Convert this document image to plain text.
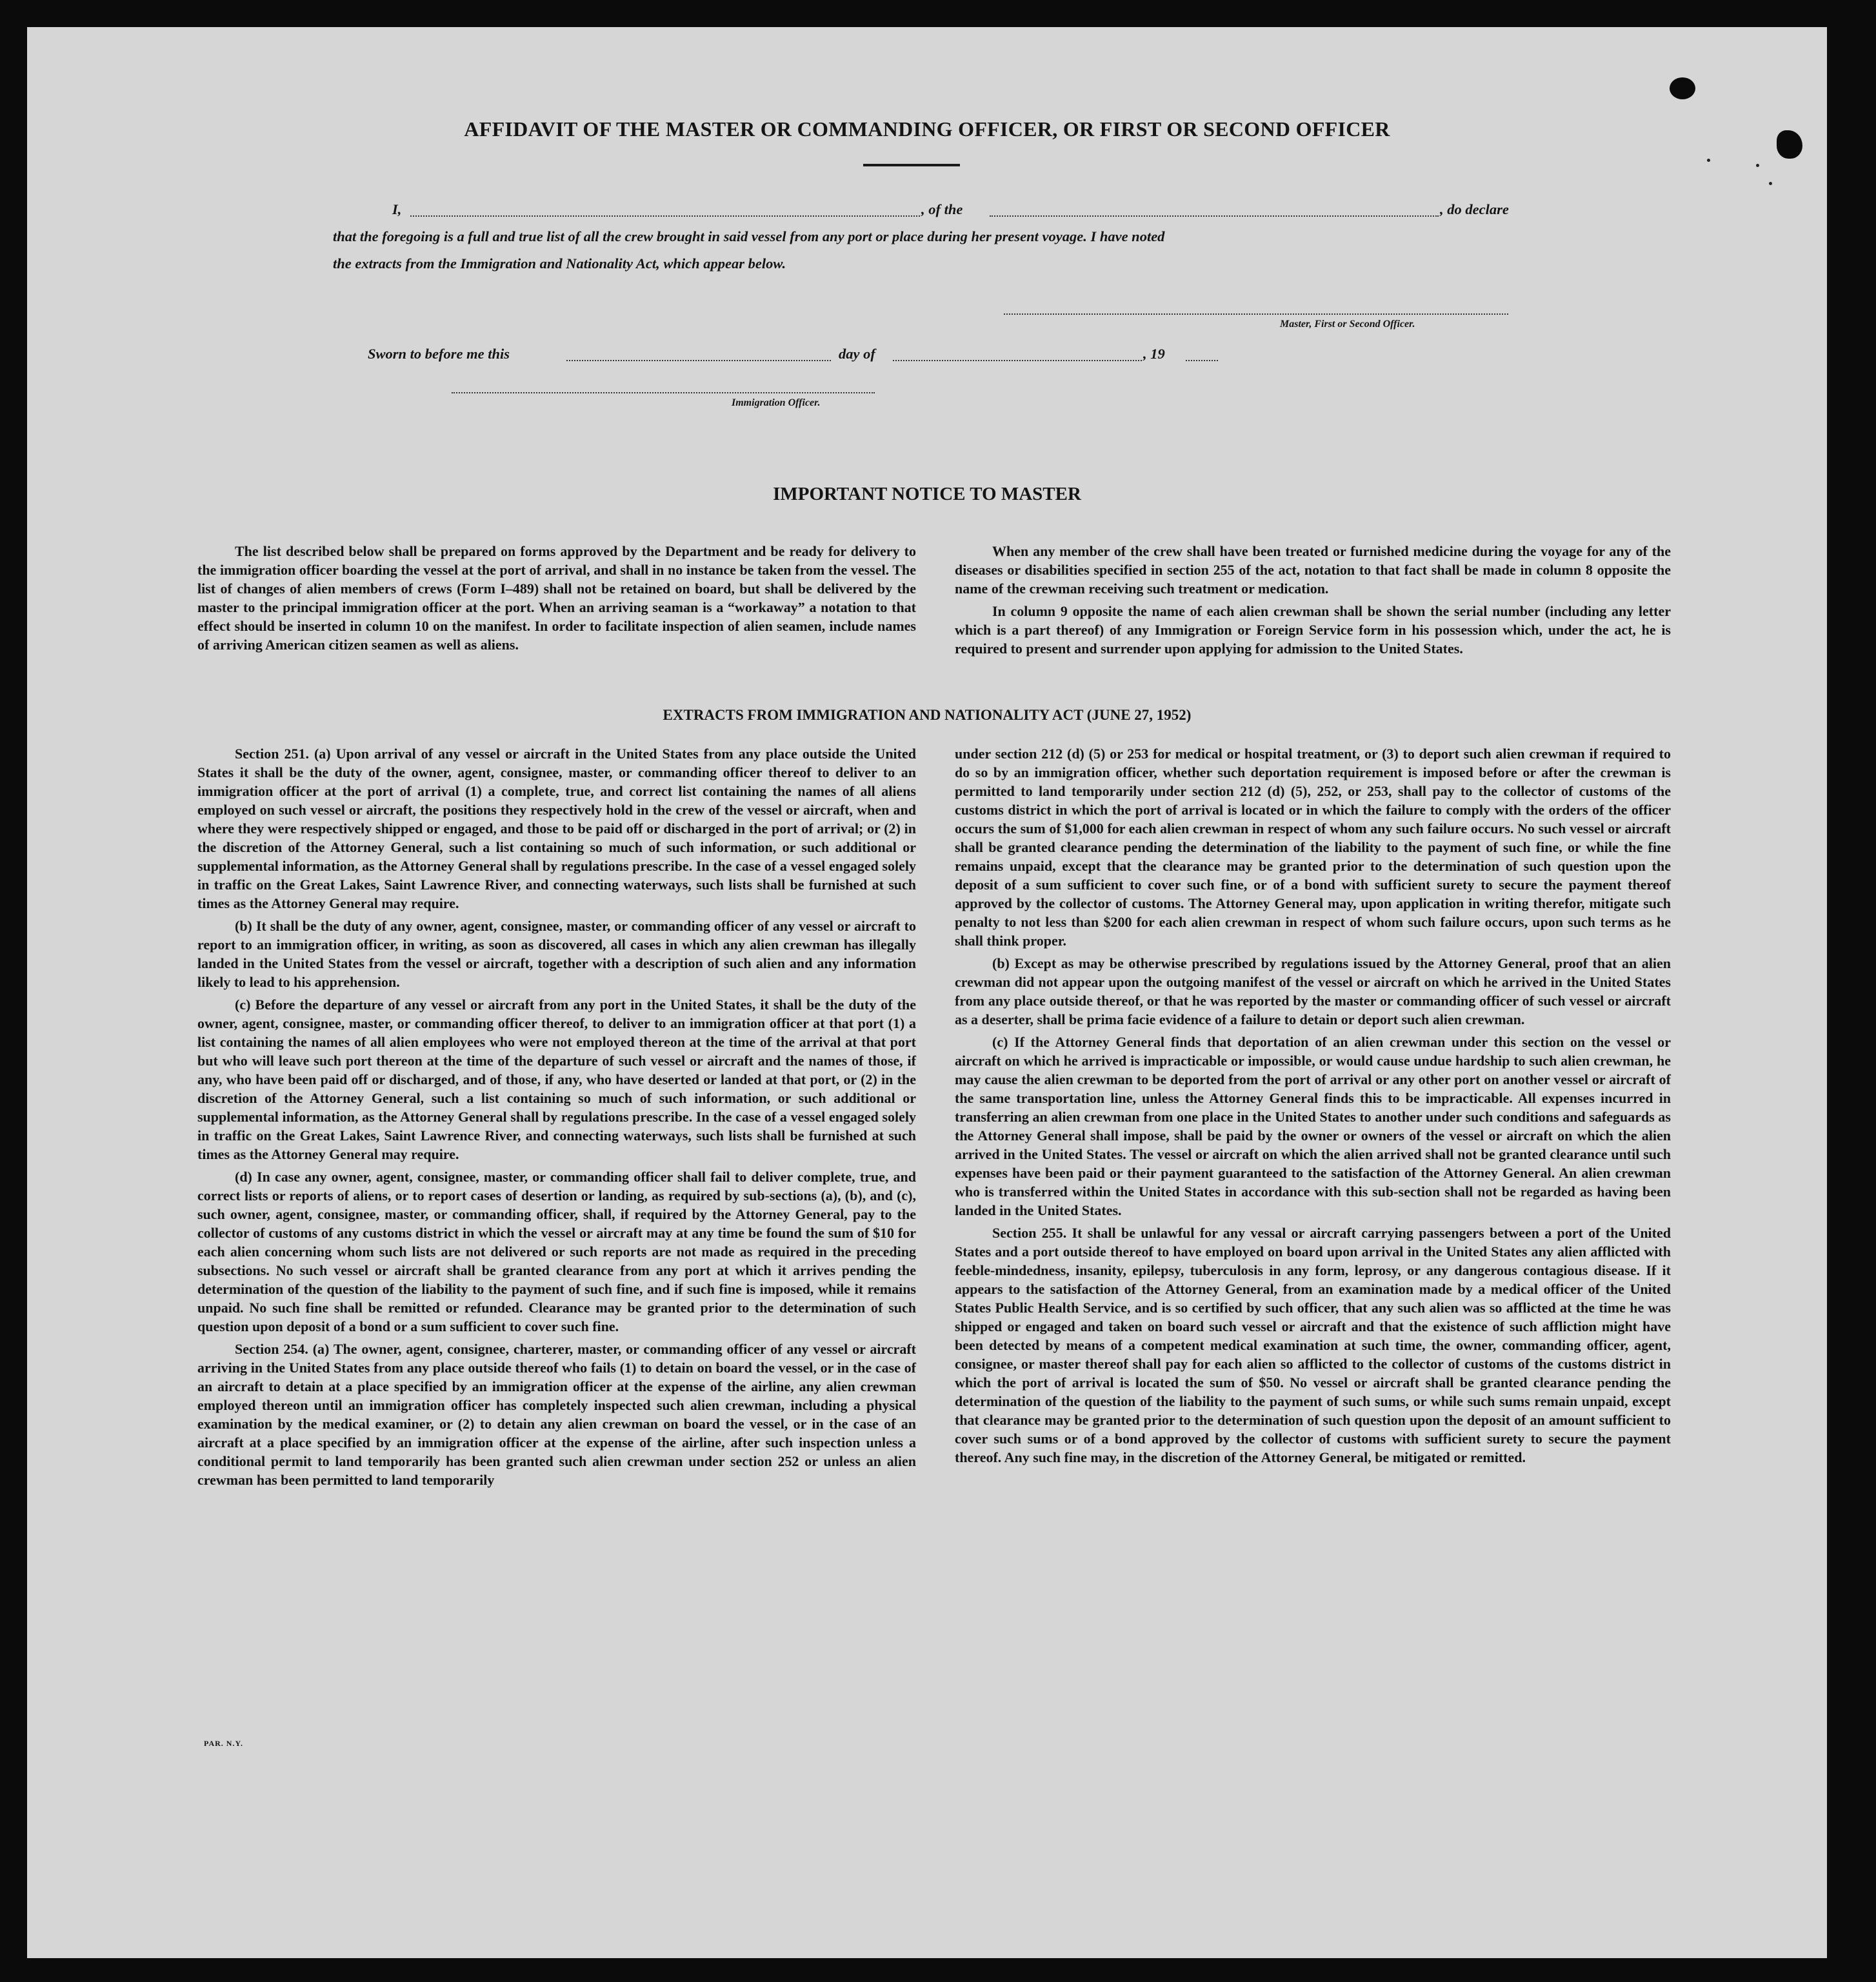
AFFIDAVIT OF THE MASTER OR COMMANDING OFFICER, OR FIRST OR SECOND OFFICER
I,	, of the	, do declare
that the foregoing is a full and true list of all the crew brought in said vessel from any port or place during her present voyage. I have noted
the extracts from the Immigration and Nationality Act, which appear below.
Master, First or Second Officer.
Sworn to before me this	day of	, 19
Immigration Officer.
IMPORTANT NOTICE TO MASTER

The list described below shall be prepared on forms approved by the Department and be ready for delivery to the immigration officer boarding the vessel at the port of arrival, and shall in no instance be taken from the vessel. The list of changes of alien members of crews (Form I–489) shall not be retained on board, but shall be delivered by the master to the principal immigration officer at the port. When an arriving seaman is a “workaway” a notation to that effect should be inserted in column 10 on the manifest. In order to facilitate inspection of alien seamen, include names of arriving American citizen seamen as well as aliens.

When any member of the crew shall have been treated or furnished medicine during the voyage for any of the diseases or disabilities specified in section 255 of the act, notation to that fact shall be made in column 8 opposite the name of the crewman receiving such treatment or medication.

In column 9 opposite the name of each alien crewman shall be shown the serial number (including any letter which is a part thereof) of any Immigration or Foreign Service form in his possession which, under the act, he is required to present and surrender upon applying for admission to the United States.

EXTRACTS FROM IMMIGRATION AND NATIONALITY ACT (JUNE 27, 1952)

Section 251. (a) Upon arrival of any vessel or aircraft in the United States from any place outside the United States it shall be the duty of the owner, agent, consignee, master, or commanding officer thereof to deliver to an immigration officer at the port of arrival (1) a complete, true, and correct list containing the names of all aliens employed on such vessel or aircraft, the positions they respectively hold in the crew of the vessel or aircraft, when and where they were respectively shipped or engaged, and those to be paid off or discharged in the port of arrival; or (2) in the discretion of the Attorney General, such a list containing so much of such information, or such additional or supplemental information, as the Attorney General shall by regulations prescribe. In the case of a vessel engaged solely in traffic on the Great Lakes, Saint Lawrence River, and connecting waterways, such lists shall be furnished at such times as the Attorney General may require.

(b) It shall be the duty of any owner, agent, consignee, master, or commanding officer of any vessel or aircraft to report to an immigration officer, in writing, as soon as discovered, all cases in which any alien crewman has illegally landed in the United States from the vessel or aircraft, together with a description of such alien and any information likely to lead to his apprehension.

(c) Before the departure of any vessel or aircraft from any port in the United States, it shall be the duty of the owner, agent, consignee, master, or commanding officer thereof, to deliver to an immigration officer at that port (1) a list containing the names of all alien employees who were not employed thereon at the time of the arrival at that port but who will leave such port thereon at the time of the departure of such vessel or aircraft and the names of those, if any, who have been paid off or discharged, and of those, if any, who have deserted or landed at that port, or (2) in the discretion of the Attorney General, such a list containing so much of such information, or such additional or supplemental information, as the Attorney General shall by regulations prescribe. In the case of a vessel engaged solely in traffic on the Great Lakes, Saint Lawrence River, and connecting waterways, such lists shall be furnished at such times as the Attorney General may require.

(d) In case any owner, agent, consignee, master, or commanding officer shall fail to deliver complete, true, and correct lists or reports of aliens, or to report cases of desertion or landing, as required by sub-sections (a), (b), and (c), such owner, agent, consignee, master, or commanding officer, shall, if required by the Attorney General, pay to the collector of customs of any customs district in which the vessel or aircraft may at any time be found the sum of $10 for each alien concerning whom such lists are not delivered or such reports are not made as required in the preceding subsections. No such vessel or aircraft shall be granted clearance from any port at which it arrives pending the determination of the question of the liability to the payment of such fine, and if such fine is imposed, while it remains unpaid. No such fine shall be remitted or refunded. Clearance may be granted prior to the determination of such question upon deposit of a bond or a sum sufficient to cover such fine.

Section 254. (a) The owner, agent, consignee, charterer, master, or commanding officer of any vessel or aircraft arriving in the United States from any place outside thereof who fails (1) to detain on board the vessel, or in the case of an aircraft to detain at a place specified by an immigration officer at the expense of the airline, any alien crewman employed thereon until an immigration officer has completely inspected such alien crewman, including a physical examination by the medical examiner, or (2) to detain any alien crewman on board the vessel, or in the case of an aircraft at a place specified by an immigration officer at the expense of the airline, after such inspection unless a conditional permit to land temporarily has been granted such alien crewman under section 252 or unless an alien crewman has been permitted to land temporarily

under section 212 (d) (5) or 253 for medical or hospital treatment, or (3) to deport such alien crewman if required to do so by an immigration officer, whether such deportation requirement is imposed before or after the crewman is permitted to land temporarily under section 212 (d) (5), 252, or 253, shall pay to the collector of customs of the customs district in which the port of arrival is located or in which the failure to comply with the orders of the officer occurs the sum of $1,000 for each alien crewman in respect of whom any such failure occurs. No such vessel or aircraft shall be granted clearance pending the determination of the liability to the payment of such fine, or while the fine remains unpaid, except that the clearance may be granted prior to the determination of such question upon the deposit of a sum sufficient to cover such fine, or of a bond with sufficient surety to secure the payment thereof approved by the collector of customs. The Attorney General may, upon application in writing therefor, mitigate such penalty to not less than $200 for each alien crewman in respect of whom such failure occurs, upon such terms as he shall think proper.

(b) Except as may be otherwise prescribed by regulations issued by the Attorney General, proof that an alien crewman did not appear upon the outgoing manifest of the vessel or aircraft on which he arrived in the United States from any place outside thereof, or that he was reported by the master or commanding officer of such vessel or aircraft as a deserter, shall be prima facie evidence of a failure to detain or deport such alien crewman.

(c) If the Attorney General finds that deportation of an alien crewman under this section on the vessel or aircraft on which he arrived is impracticable or impossible, or would cause undue hardship to such alien crewman, he may cause the alien crewman to be deported from the port of arrival or any other port on another vessel or aircraft of the same transportation line, unless the Attorney General finds this to be impracticable. All expenses incurred in transferring an alien crewman from one place in the United States to another under such conditions and safeguards as the Attorney General shall impose, shall be paid by the owner or owners of the vessel or aircraft on which the alien arrived in the United States. The vessel or aircraft on which the alien arrived shall not be granted clearance until such expenses have been paid or their payment guaranteed to the satisfaction of the Attorney General. An alien crewman who is transferred within the United States in accordance with this sub-section shall not be regarded as having been landed in the United States.

Section 255. It shall be unlawful for any vessal or aircraft carrying passengers between a port of the United States and a port outside thereof to have employed on board upon arrival in the United States any alien afflicted with feeble-mindedness, insanity, epilepsy, tuberculosis in any form, leprosy, or any dangerous contagious disease. If it appears to the satisfaction of the Attorney General, from an examination made by a medical officer of the United States Public Health Service, and is so certified by such officer, that any such alien was so afflicted at the time he was shipped or engaged and taken on board such vessel or aircraft and that the existence of such affliction might have been detected by means of a competent medical examination at such time, the owner, commanding officer, agent, consignee, or master thereof shall pay for each alien so afflicted to the collector of customs of the customs district in which the port of arrival is located the sum of $50. No vessel or aircraft shall be granted clearance pending the determination of the question of the liability to the payment of such sums, or while such sums remain unpaid, except that clearance may be granted prior to the determination of such question upon the deposit of an amount sufficient to cover such sums or of a bond approved by the collector of customs with sufficient surety to secure the payment thereof. Any such fine may, in the discretion of the Attorney General, be mitigated or remitted.

PAR. N.Y.
